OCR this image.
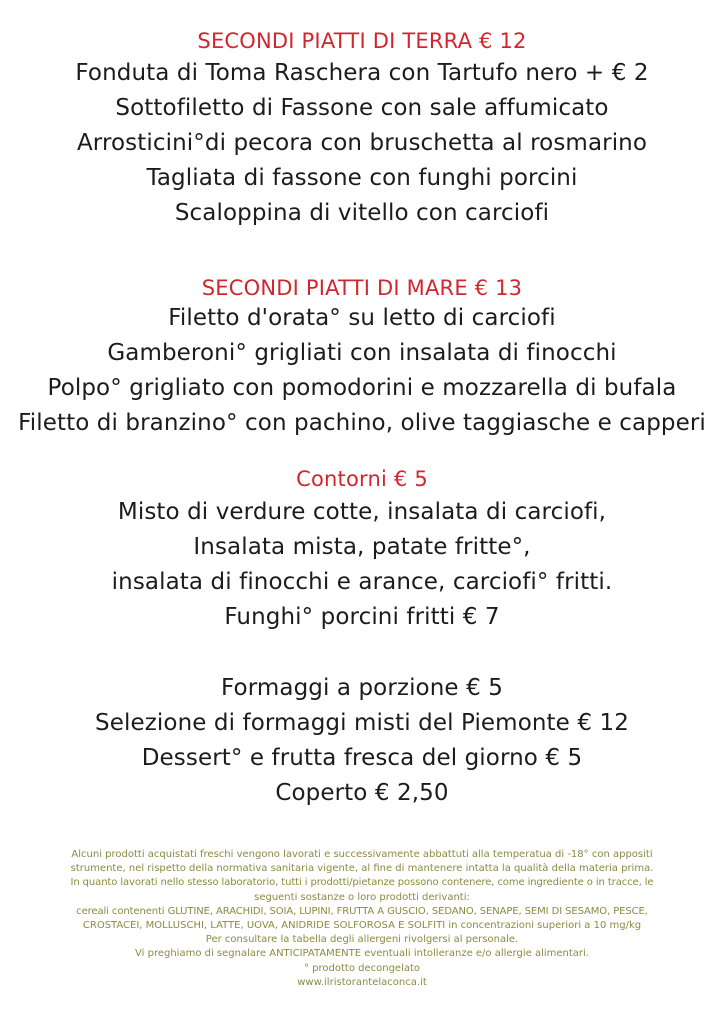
SECONDI PIATTI DI TERRA € 12

Fonduta di Toma Raschera con Tartufo nero + € 2

Sottofiletto di Fassone con sale affumicato

Arrosticini°di pecora con bruschetta al rosmarino

Tagliata di fassone con funghi porcini

Scaloppina di vitello con carciofi

SECONDI PIATTI DI MARE € 13

Filetto d'orata° su letto di carciofi

Gamberoni° grigliati con insalata di finocchi

Polpo° grigliato con pomodorini e mozzarella di bufala

Filetto di branzino° con pachino, olive taggiasche e capperi

Contorni € 5

Misto di verdure cotte, insalata di carciofi,

Insalata mista, patate fritte°,

insalata di finocchi e arance, carciofi° fritti.

Funghi° porcini fritti € 7

Formaggi a porzione € 5

Selezione di formaggi misti del Piemonte € 12

Dessert° e frutta fresca del giorno € 5

Coperto € 2,50

Alcuni prodotti acquistati freschi vengono lavorati e successivamente abbattuti alla temperatua di -18° con appositi

strumente, nel rispetto della normativa sanitaria vigente, al fine di mantenere intatta la qualità della materia prima.

In quanto lavorati nello stesso laboratorio, tutti i prodotti/pietanze possono contenere, come ingrediente o in tracce, le

seguenti sostanze o loro prodotti derivanti:

cereali contenenti GLUTINE, ARACHIDI, SOIA, LUPINI, FRUTTA A GUSCIO, SEDANO, SENAPE, SEMI DI SESAMO, PESCE,

CROSTACEI, MOLLUSCHI, LATTE, UOVA, ANIDRIDE SOLFOROSA E SOLFITI in concentrazioni superiori a 10 mg/kg

Per consultare la tabella degli allergeni rivolgersi al personale.

Vi preghiamo di segnalare ANTICIPATAMENTE eventuali intolleranze e/o allergie alimentari.

° prodotto decongelato

www.ilristorantelaconca.it
